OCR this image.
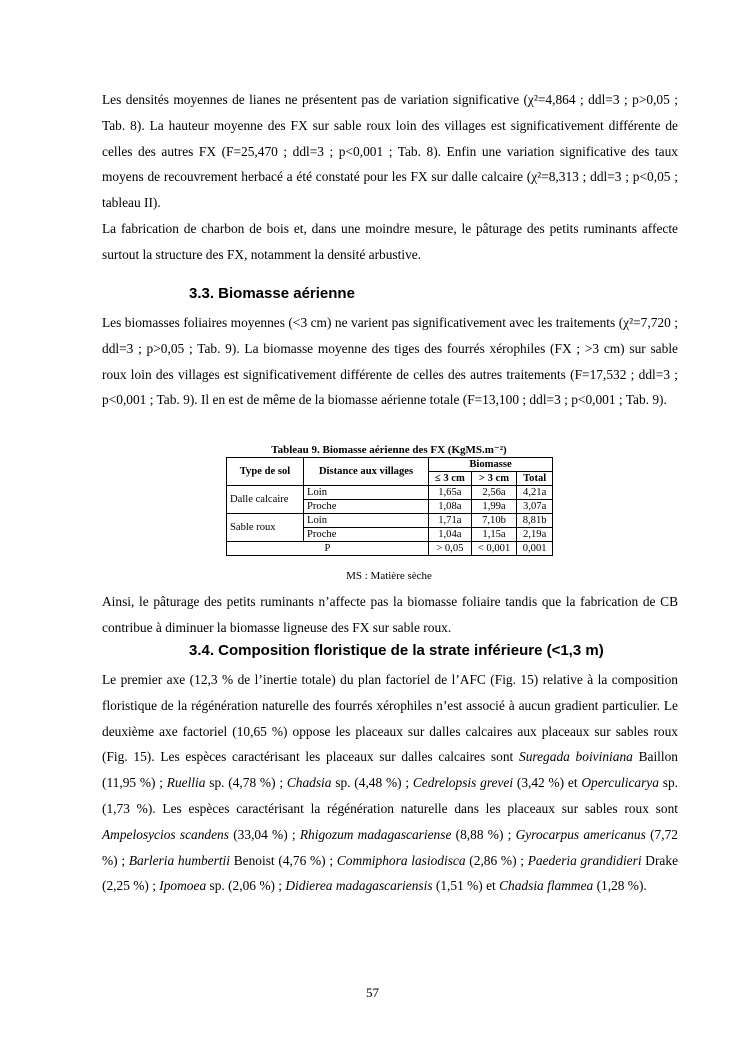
Les densités moyennes de lianes ne présentent pas de variation significative (χ²=4,864 ; ddl=3 ; p>0,05 ; Tab. 8). La hauteur moyenne des FX sur sable roux loin des villages est significativement différente de celles des autres FX (F=25,470 ; ddl=3 ; p<0,001 ; Tab. 8). Enfin une variation significative des taux moyens de recouvrement herbacé a été constaté pour les FX sur dalle calcaire (χ²=8,313 ; ddl=3 ; p<0,05 ; tableau II).

La fabrication de charbon de bois et, dans une moindre mesure, le pâturage des petits ruminants affecte surtout la structure des FX, notamment la densité arbustive.

3.3. Biomasse aérienne

Les biomasses foliaires moyennes (<3 cm) ne varient pas significativement avec les traitements (χ²=7,720 ; ddl=3 ; p>0,05 ; Tab. 9). La biomasse moyenne des tiges des fourrés xérophiles (FX ; >3 cm) sur sable roux loin des villages est significativement différente de celles des autres traitements (F=17,532 ; ddl=3 ; p<0,001 ; Tab. 9). Il en est de même de la biomasse aérienne totale (F=13,100 ; ddl=3 ; p<0,001 ; Tab. 9).

Tableau 9. Biomasse aérienne des FX (KgMS.m⁻²)
Type de sol	Distance aux villages	Biomasse		
		≤ 3 cm	> 3 cm	Total
Dalle calcaire	Loin	1,65a	2,56a	4,21a
	Proche	1,08a	1,99a	3,07a
Sable roux	Loin	1,71a	7,10b	8,81b
	Proche	1,04a	1,15a	2,19a
P		> 0,05	< 0,001	0,001
MS : Matière sèche

Ainsi, le pâturage des petits ruminants n’affecte pas la biomasse foliaire tandis que la fabrication de CB contribue à diminuer la biomasse ligneuse des FX sur sable roux.

3.4. Composition floristique de la strate inférieure (<1,3 m)

Le premier axe (12,3 % de l’inertie totale) du plan factoriel de l’AFC (Fig. 15) relative à la composition floristique de la régénération naturelle des fourrés xérophiles n’est associé à aucun gradient particulier. Le deuxième axe factoriel (10,65 %) oppose les placeaux sur dalles calcaires aux placeaux sur sables roux (Fig. 15). Les espèces caractérisant les placeaux sur dalles calcaires sont Suregada boiviniana Baillon (11,95 %) ; Ruellia sp. (4,78 %) ; Chadsia sp. (4,48 %) ; Cedrelopsis grevei (3,42 %) et Operculicarya sp. (1,73 %). Les espèces caractérisant la régénération naturelle dans les placeaux sur sables roux sont Ampelosycios scandens (33,04 %) ; Rhigozum madagascariense (8,88 %) ; Gyrocarpus americanus (7,72 %) ; Barleria humbertii Benoist (4,76 %) ; Commiphora lasiodisca (2,86 %) ; Paederia grandidieri Drake (2,25 %) ; Ipomoea sp. (2,06 %) ; Didierea madagascariensis (1,51 %) et Chadsia flammea (1,28 %).

57
